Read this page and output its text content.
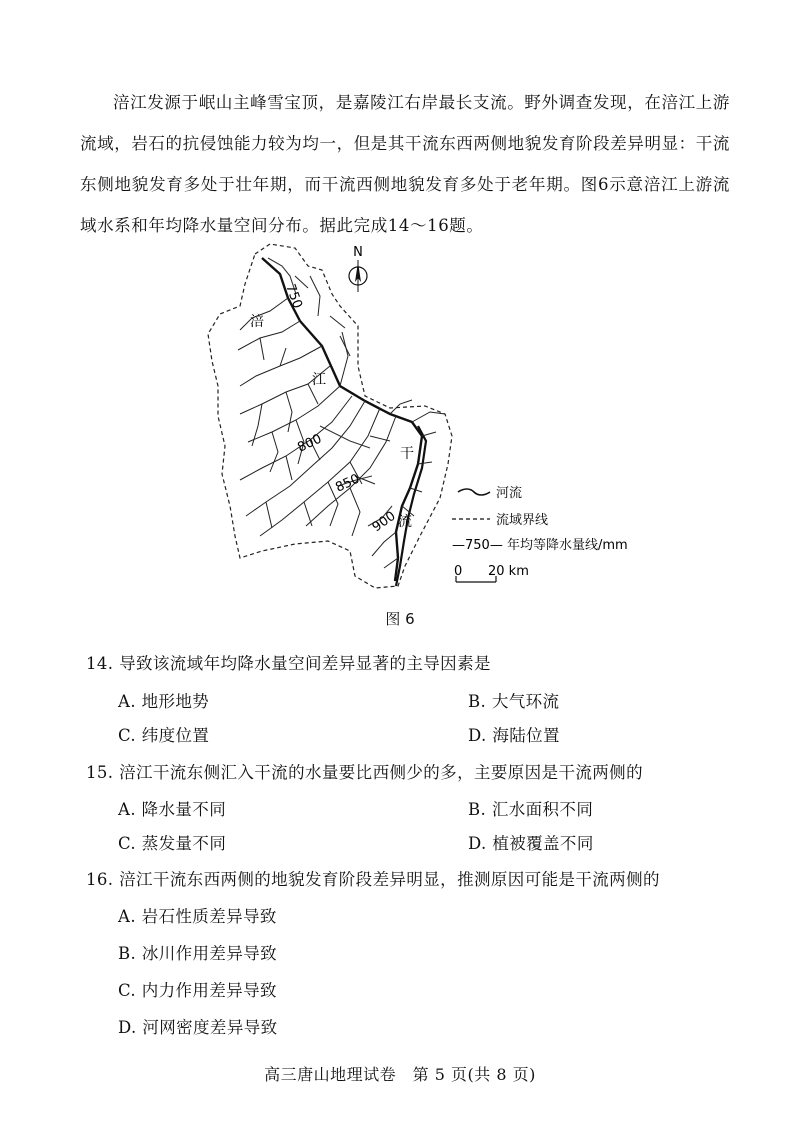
涪江发源于岷山主峰雪宝顶，是嘉陵江右岸最长支流。野外调查发现，在涪江上游流域，岩石的抗侵蚀能力较为均一，但是其干流东西两侧地貌发育阶段差异明显：干流东侧地貌发育多处于壮年期，而干流西侧地貌发育多处于老年期。图6示意涪江上游流域水系和年均降水量空间分布。据此完成14～16题。

750
800
850
900
涪
江
干
流
N
河流
流域界线
—750— 年均等降水量线/mm
0 20 km
图 6
14. 导致该流域年均降水量空间差异显著的主导因素是
A. 地形地势	B. 大气环流
C. 纬度位置	D. 海陆位置
15. 涪江干流东侧汇入干流的水量要比西侧少的多，主要原因是干流两侧的
A. 降水量不同	B. 汇水面积不同
C. 蒸发量不同	D. 植被覆盖不同
16. 涪江干流东西两侧的地貌发育阶段差异明显，推测原因可能是干流两侧的
A. 岩石性质差异导致
B. 冰川作用差异导致
C. 内力作用差异导致
D. 河网密度差异导致
高三唐山地理试卷　第 5 页(共 8 页)
